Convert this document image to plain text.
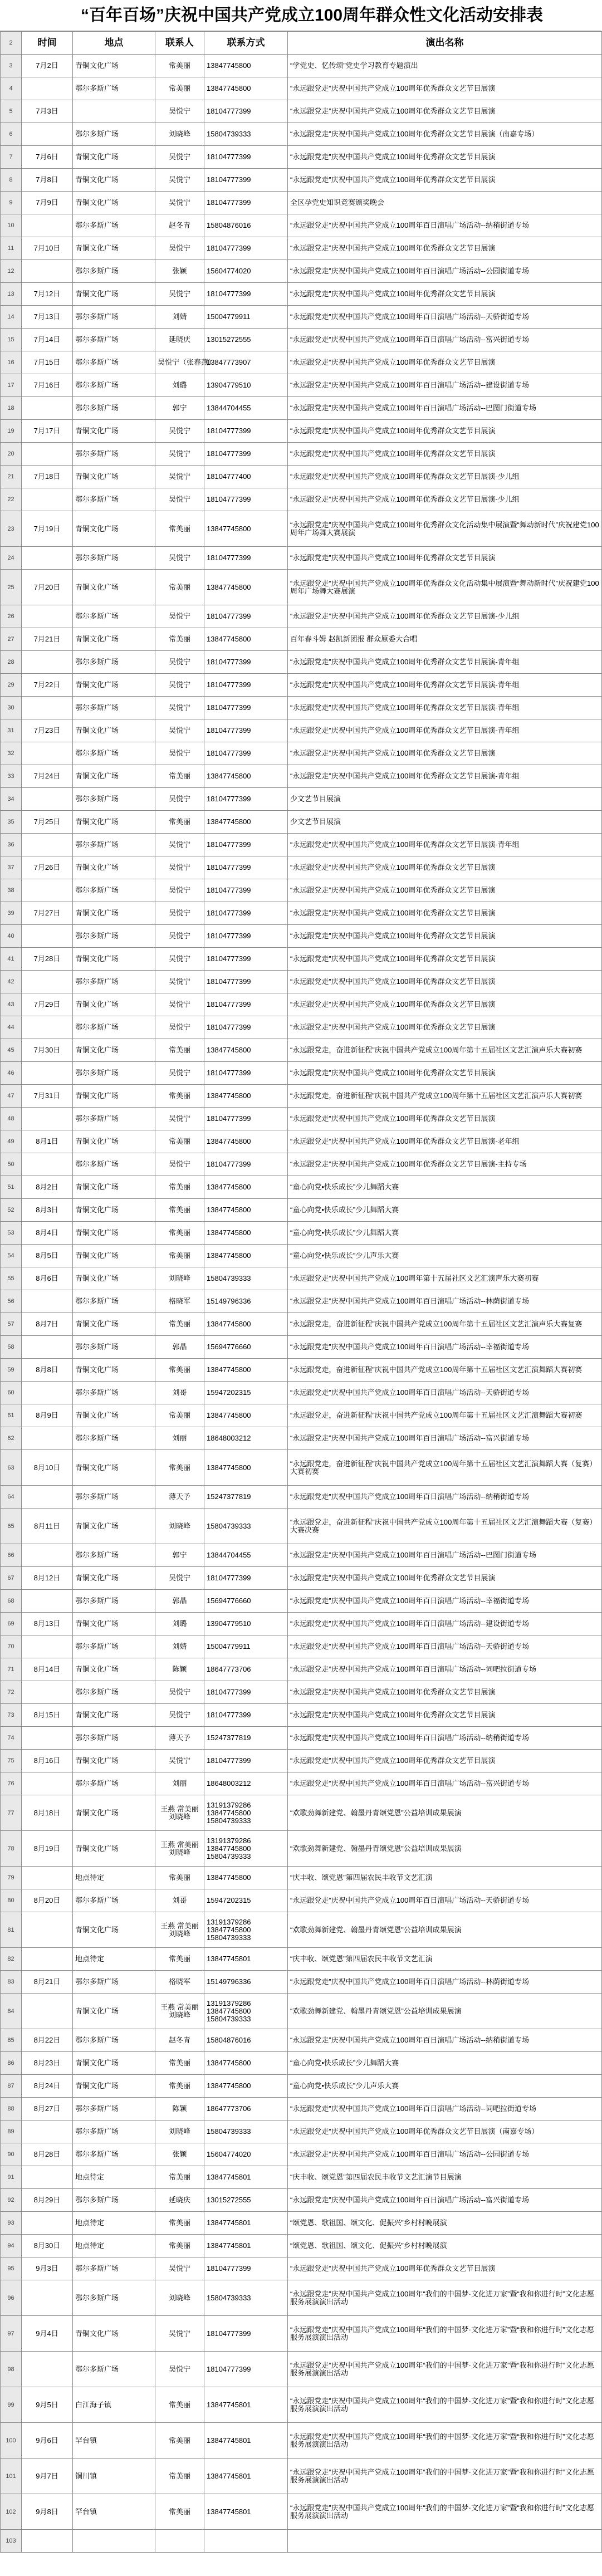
“百年百场”庆祝中国共产党成立100周年群众性文化活动安排表
2	时间	地点	联系人	联系方式	演出名称
3	7月2日	青铜文化广场	常美丽	13847745800	“学党史、忆传颂”党史学习教育专题演出
4		鄂尔多斯广场	常美丽	13847745800	“永远跟党走”庆祝中国共产党成立100周年优秀群众文艺节目展演
5	7月3日		吴悦宁	18104777399	“永远跟党走”庆祝中国共产党成立100周年优秀群众文艺节目展演
6		鄂尔多斯广场	刘晓峰	15804739333	“永远跟党走”庆祝中国共产党成立100周年优秀群众文艺节目展演（南嘉专场）
7	7月6日	青铜文化广场	吴悦宁	18104777399	“永远跟党走”庆祝中国共产党成立100周年优秀群众文艺节目展演
8	7月8日	青铜文化广场	吴悦宁	18104777399	“永远跟党走”庆祝中国共产党成立100周年优秀群众文艺节目展演
9	7月9日	青铜文化广场	吴悦宁	18104777399	全区孕党史知识竞赛颁奖晚会
10		鄂尔多斯广场	赵冬青	15804876016	“永远跟党走”庆祝中国共产党成立100周年百日演唱广场活动--纳稍街道专场
11	7月10日	青铜文化广场	吴悦宁	18104777399	“永远跟党走”庆祝中国共产党成立100周年优秀群众文艺节目展演
12		鄂尔多斯广场	张颖	15604774020	“永远跟党走”庆祝中国共产党成立100周年百日演唱广场活动--公园街道专场
13	7月12日	青铜文化广场	吴悦宁	18104777399	“永远跟党走”庆祝中国共产党成立100周年优秀群众文艺节目展演
14	7月13日	鄂尔多斯广场	刘婧	15004779911	“永远跟党走”庆祝中国共产党成立100周年百日演唱广场活动--天骄街道专场
15	7月14日	鄂尔多斯广场	延晓庆	13015272555	“永远跟党走”庆祝中国共产党成立100周年百日演唱广场活动--富兴街道专场
16	7月15日	鄂尔多斯广场	吴悦宁（张春燕）	13847773907	“永远跟党走”庆祝中国共产党成立100周年优秀群众文艺节目展演
17	7月16日	鄂尔多斯广场	刘璐	13904779510	“永远跟党走”庆祝中国共产党成立100周年百日演唱广场活动--建设街道专场
18		鄂尔多斯广场	郭宁	13844704455	“永远跟党走”庆祝中国共产党成立100周年百日演唱广场活动--巴图门街道专场
19	7月17日	青铜文化广场	吴悦宁	18104777399	“永远跟党走”庆祝中国共产党成立100周年优秀群众文艺节目展演
20		鄂尔多斯广场	吴悦宁	18104777399	“永远跟党走”庆祝中国共产党成立100周年优秀群众文艺节目展演
21	7月18日	青铜文化广场	吴悦宁	18104777400	“永远跟党走”庆祝中国共产党成立100周年优秀群众文艺节目展演-少儿组
22		鄂尔多斯广场	吴悦宁	18104777399	“永远跟党走”庆祝中国共产党成立100周年优秀群众文艺节目展演-少儿组
23	7月19日	青铜文化广场	常美丽	13847745800	“永远跟党走”庆祝中国共产党成立100周年优秀群众文化活动集中展演暨“舞动新时代”庆祝建党100周年广场舞大赛展演
24		鄂尔多斯广场	吴悦宁	18104777399	“永远跟党走”庆祝中国共产党成立100周年优秀群众文艺节目展演
25	7月20日	青铜文化广场	常美丽	13847745800	“永远跟党走”庆祝中国共产党成立100周年优秀群众文化活动集中展演暨“舞动新时代”庆祝建党100周年广场舞大赛展演
26		鄂尔多斯广场	吴悦宁	18104777399	“永远跟党走”庆祝中国共产党成立100周年优秀群众文艺节目展演-少儿组
27	7月21日	青铜文化广场	常美丽	13847745800	百年春斗姆 赵凯新团报 群众原委大合唱
28		鄂尔多斯广场	吴悦宁	18104777399	“永远跟党走”庆祝中国共产党成立100周年优秀群众文艺节目展演-青年组
29	7月22日	青铜文化广场	吴悦宁	18104777399	“永远跟党走”庆祝中国共产党成立100周年优秀群众文艺节目展演-青年组
30		鄂尔多斯广场	吴悦宁	18104777399	“永远跟党走”庆祝中国共产党成立100周年优秀群众文艺节目展演-青年组
31	7月23日	青铜文化广场	吴悦宁	18104777399	“永远跟党走”庆祝中国共产党成立100周年优秀群众文艺节目展演-青年组
32		鄂尔多斯广场	吴悦宁	18104777399	“永远跟党走”庆祝中国共产党成立100周年优秀群众文艺节目展演
33	7月24日	青铜文化广场	常美丽	13847745800	“永远跟党走”庆祝中国共产党成立100周年优秀群众文艺节目展演-青年组
34		鄂尔多斯广场	吴悦宁	18104777399	少文艺节目展演
35	7月25日	青铜文化广场	常美丽	13847745800	少文艺节目展演
36		鄂尔多斯广场	吴悦宁	18104777399	“永远跟党走”庆祝中国共产党成立100周年优秀群众文艺节目展演-青年组
37	7月26日	青铜文化广场	吴悦宁	18104777399	“永远跟党走”庆祝中国共产党成立100周年优秀群众文艺节目展演
38		鄂尔多斯广场	吴悦宁	18104777399	“永远跟党走”庆祝中国共产党成立100周年优秀群众文艺节目展演
39	7月27日	青铜文化广场	吴悦宁	18104777399	“永远跟党走”庆祝中国共产党成立100周年优秀群众文艺节目展演
40		鄂尔多斯广场	吴悦宁	18104777399	“永远跟党走”庆祝中国共产党成立100周年优秀群众文艺节目展演
41	7月28日	青铜文化广场	吴悦宁	18104777399	“永远跟党走”庆祝中国共产党成立100周年优秀群众文艺节目展演
42		鄂尔多斯广场	吴悦宁	18104777399	“永远跟党走”庆祝中国共产党成立100周年优秀群众文艺节目展演
43	7月29日	青铜文化广场	吴悦宁	18104777399	“永远跟党走”庆祝中国共产党成立100周年优秀群众文艺节目展演
44		鄂尔多斯广场	吴悦宁	18104777399	“永远跟党走”庆祝中国共产党成立100周年优秀群众文艺节目展演
45	7月30日	青铜文化广场	常美丽	13847745800	“永远跟党走，奋进新征程”庆祝中国共产党成立100周年第十五届社区文艺汇演声乐大赛初赛
46		鄂尔多斯广场	吴悦宁	18104777399	“永远跟党走”庆祝中国共产党成立100周年优秀群众文艺节目展演
47	7月31日	青铜文化广场	常美丽	13847745800	“永远跟党走，奋进新征程”庆祝中国共产党成立100周年第十五届社区文艺汇演声乐大赛初赛
48		鄂尔多斯广场	吴悦宁	18104777399	“永远跟党走”庆祝中国共产党成立100周年优秀群众文艺节目展演
49	8月1日	青铜文化广场	常美丽	13847745800	“永远跟党走”庆祝中国共产党成立100周年优秀群众文艺节目展演-老年组
50		鄂尔多斯广场	吴悦宁	18104777399	“永远跟党走”庆祝中国共产党成立100周年优秀群众文艺节目展演-主持专场
51	8月2日	青铜文化广场	常美丽	13847745800	“童心向党•快乐成长”少儿舞蹈大赛
52	8月3日	青铜文化广场	常美丽	13847745800	“童心向党•快乐成长”少儿舞蹈大赛
53	8月4日	青铜文化广场	常美丽	13847745800	“童心向党•快乐成长”少儿舞蹈大赛
54	8月5日	青铜文化广场	常美丽	13847745800	“童心向党•快乐成长”少儿声乐大赛
55	8月6日	青铜文化广场	刘晓峰	15804739333	“永远跟党走”庆祝中国共产党成立100周年第十五届社区文艺汇演声乐大赛初赛
56		鄂尔多斯广场	格晓军	15149796336	“永远跟党走”庆祝中国共产党成立100周年百日演唱广场活动--林荫街道专场
57	8月7日	青铜文化广场	常美丽	13847745800	“永远跟党走，奋进新征程”庆祝中国共产党成立100周年第十五届社区文艺汇演声乐大赛复赛
58		鄂尔多斯广场	郭晶	15694776660	“永远跟党走”庆祝中国共产党成立100周年百日演唱广场活动--幸福街道专场
59	8月8日	青铜文化广场	常美丽	13847745800	“永远跟党走，奋进新征程”庆祝中国共产党成立100周年第十五届社区文艺汇演舞蹈大赛初赛
60		鄂尔多斯广场	刘哥	15947202315	“永远跟党走”庆祝中国共产党成立100周年百日演唱广场活动--天骄街道专场
61	8月9日	青铜文化广场	常美丽	13847745800	“永远跟党走，奋进新征程”庆祝中国共产党成立100周年第十五届社区文艺汇演舞蹈大赛初赛
62		鄂尔多斯广场	刘丽	18648003212	“永远跟党走”庆祝中国共产党成立100周年百日演唱广场活动--富兴街道专场
63	8月10日	青铜文化广场	常美丽	13847745800	“永远跟党走，奋进新征程”庆祝中国共产党成立100周年第十五届社区文艺汇演舞蹈大赛（复赛）大赛初赛
64		鄂尔多斯广场	薄天予	15247377819	“永远跟党走”庆祝中国共产党成立100周年百日演唱广场活动--纳稍街道专场
65	8月11日	青铜文化广场	刘晓峰	15804739333	“永远跟党走，奋进新征程”庆祝中国共产党成立100周年第十五届社区文艺汇演舞蹈大赛（复赛）大赛决赛
66		鄂尔多斯广场	郭宁	13844704455	“永远跟党走”庆祝中国共产党成立100周年百日演唱广场活动--巴图门街道专场
67	8月12日	青铜文化广场	吴悦宁	18104777399	“永远跟党走”庆祝中国共产党成立100周年优秀群众文艺节目展演
68		鄂尔多斯广场	郭晶	15694776660	“永远跟党走”庆祝中国共产党成立100周年百日演唱广场活动--幸福街道专场
69	8月13日	青铜文化广场	刘璐	13904779510	“永远跟党走”庆祝中国共产党成立100周年百日演唱广场活动--建设街道专场
70		鄂尔多斯广场	刘婧	15004779911	“永远跟党走”庆祝中国共产党成立100周年百日演唱广场活动--天骄街道专场
71	8月14日	青铜文化广场	陈颖	18647773706	“永远跟党走”庆祝中国共产党成立100周年百日演唱广场活动--词吧拉街道专场
72		鄂尔多斯广场	吴悦宁	18104777399	“永远跟党走”庆祝中国共产党成立100周年优秀群众文艺节目展演
73	8月15日	青铜文化广场	吴悦宁	18104777399	“永远跟党走”庆祝中国共产党成立100周年优秀群众文艺节目展演
74		鄂尔多斯广场	薄天予	15247377819	“永远跟党走”庆祝中国共产党成立100周年百日演唱广场活动--纳稍街道专场
75	8月16日	青铜文化广场	吴悦宁	18104777399	“永远跟党走”庆祝中国共产党成立100周年优秀群众文艺节目展演
76		鄂尔多斯广场	刘丽	18648003212	“永远跟党走”庆祝中国共产党成立100周年百日演唱广场活动--富兴街道专场
77	8月18日	青铜文化广场	王燕 常美丽 刘晓峰	13191379286 13847745800 15804739333	“欢歌劲舞新建党、翰墨丹青颂党恩”公益培训成果展演
78	8月19日	青铜文化广场	王燕 常美丽 刘晓峰	13191379286 13847745800 15804739333	“欢歌劲舞新建党、翰墨丹青颂党恩”公益培训成果展演
79		地点待定	常美丽	13847745800	“庆丰收、颂党恩”第四届农民丰收节文艺汇演
80	8月20日	鄂尔多斯广场	刘哥	15947202315	“永远跟党走”庆祝中国共产党成立100周年百日演唱广场活动--天骄街道专场
81		青铜文化广场	王燕 常美丽 刘晓峰	13191379286 13847745800 15804739333	“欢歌劲舞新建党、翰墨丹青颂党恩”公益培训成果展演
82		地点待定	常美丽	13847745801	“庆丰收、颂党恩”第四届农民丰收节文艺汇演
83	8月21日	鄂尔多斯广场	格晓军	15149796336	“永远跟党走”庆祝中国共产党成立100周年百日演唱广场活动--林荫街道专场
84		青铜文化广场	王燕 常美丽 刘晓峰	13191379286 13847745800 15804739333	“欢歌劲舞新建党、翰墨丹青颂党恩”公益培训成果展演
85	8月22日	鄂尔多斯广场	赵冬青	15804876016	“永远跟党走”庆祝中国共产党成立100周年百日演唱广场活动--纳稍街道专场
86	8月23日	青铜文化广场	常美丽	13847745800	“童心向党•快乐成长”少儿舞蹈大赛
87	8月24日	青铜文化广场	常美丽	13847745800	“童心向党•快乐成长”少儿声乐大赛
88	8月27日	鄂尔多斯广场	陈颖	18647773706	“永远跟党走”庆祝中国共产党成立100周年百日演唱广场活动--词吧拉街道专场
89		鄂尔多斯广场	刘晓峰	15804739333	“永远跟党走”庆祝中国共产党成立100周年优秀群众文艺节目展演（南嘉专场）
90	8月28日	鄂尔多斯广场	张颖	15604774020	“永远跟党走”庆祝中国共产党成立100周年百日演唱广场活动--公园街道专场
91		地点待定	常美丽	13847745801	“庆丰收、颂党恩”第四届农民丰收节文艺汇演节目展演
92	8月29日	鄂尔多斯广场	延晓庆	13015272555	“永远跟党走”庆祝中国共产党成立100周年百日演唱广场活动--富兴街道专场
93		地点待定	常美丽	13847745801	“颂党恩、歌祖国、颂文化、促振兴”乡村村晚展演
94	8月30日	地点待定	常美丽	13847745801	“颂党恩、歌祖国、颂文化、促振兴”乡村村晚展演
95	9月3日	鄂尔多斯广场	吴悦宁	18104777399	“永远跟党走”庆祝中国共产党成立100周年优秀群众文艺节目展演
96		鄂尔多斯广场	刘晓峰	15804739333	“永远跟党走”庆祝中国共产党成立100周年“我们的中国梦·文化进万家”暨“我和你进行时”文化志愿服务展演演出活动
97	9月4日	青铜文化广场	吴悦宁	18104777399	“永远跟党走”庆祝中国共产党成立100周年“我们的中国梦·文化进万家”暨“我和你进行时”文化志愿服务展演演出活动
98		鄂尔多斯广场	吴悦宁	18104777399	“永远跟党走”庆祝中国共产党成立100周年“我们的中国梦·文化进万家”暨“我和你进行时”文化志愿服务展演演出活动
99	9月5日	白江海子镇	常美丽	13847745801	“永远跟党走”庆祝中国共产党成立100周年“我们的中国梦·文化进万家”暨“我和你进行时”文化志愿服务展演演出活动
100	9月6日	罕台镇	常美丽	13847745801	“永远跟党走”庆祝中国共产党成立100周年“我们的中国梦·文化进万家”暨“我和你进行时”文化志愿服务展演演出活动
101	9月7日	铜川镇	常美丽	13847745801	“永远跟党走”庆祝中国共产党成立100周年“我们的中国梦·文化进万家”暨“我和你进行时”文化志愿服务展演演出活动
102	9月8日	罕台镇	常美丽	13847745801	“永远跟党走”庆祝中国共产党成立100周年“我们的中国梦·文化进万家”暨“我和你进行时”文化志愿服务展演演出活动
103					
